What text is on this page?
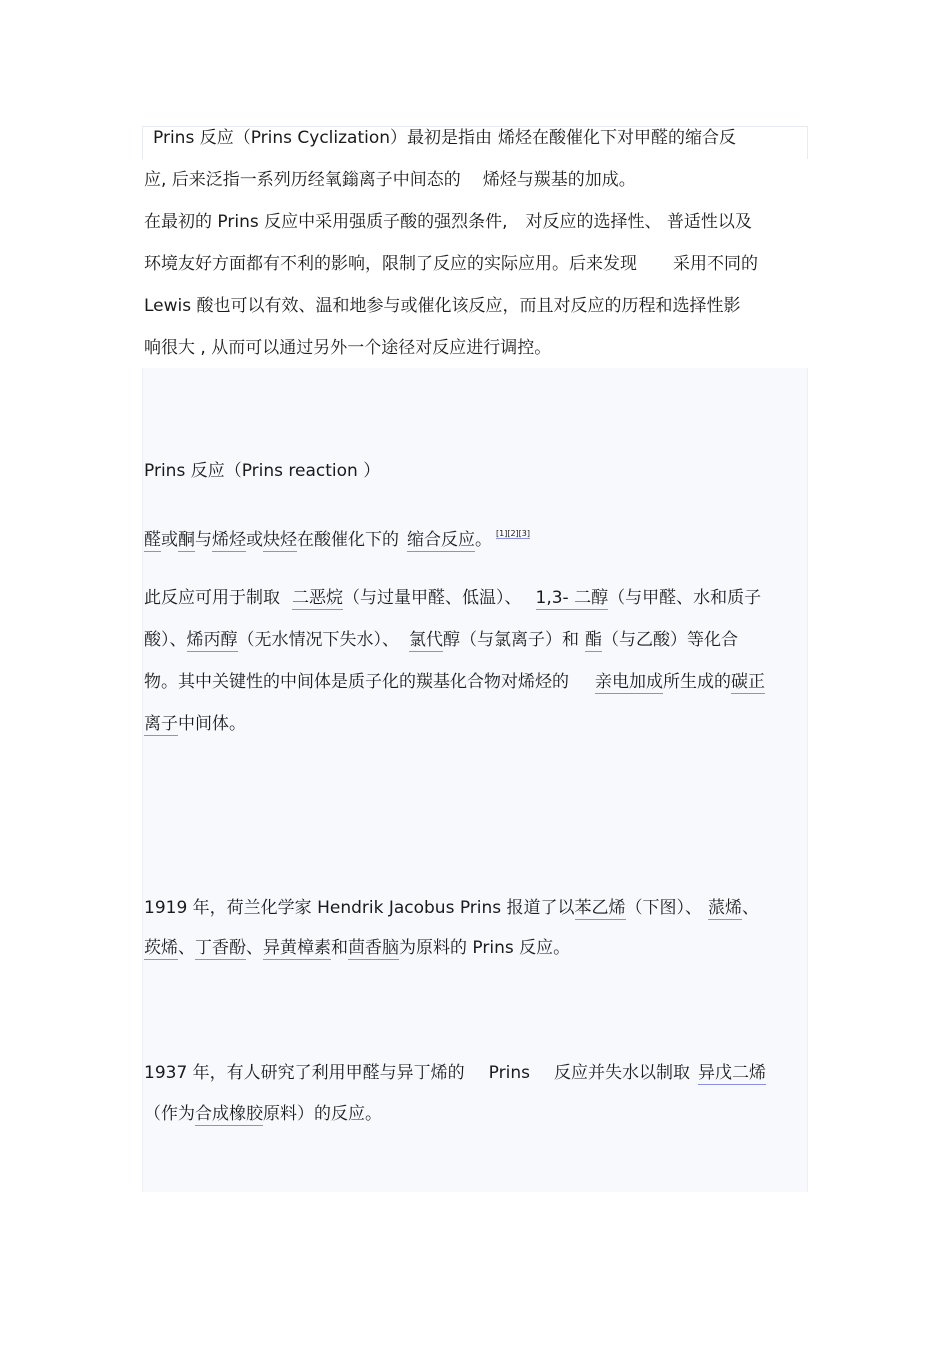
Prins 反应（Prins Cyclization）最初是指由 烯烃在酸催化下对甲醛的缩合反
应, 后来泛指一系列历经氧鎓离子中间态的 烯烃与羰基的加成。
在最初的 Prins 反应中采用强质子酸的强烈条件, 对反应的选择性、 普适性以及
环境友好方面都有不利的影响，限制了反应的实际应用。后来发现 采用不同的
Lewis 酸也可以有效、温和地参与或催化该反应，而且对反应的历程和选择性影
响很大 , 从而可以通过另外一个途径对反应进行调控。
Prins 反应（Prins reaction ）
醛或酮与烯烃或炔烃在酸催化下的 缩合反应。 [1][2][3]
此反应可用于制取 二恶烷（与过量甲醛、低温）、 1,3- 二醇（与甲醛、水和质子
酸）、烯丙醇（无水情况下失水）、 氯代醇（与氯离子）和 酯（与乙酸）等化合
物。其中关键性的中间体是质子化的羰基化合物对烯烃的 亲电加成所生成的碳正
离子中间体。
1919 年，荷兰化学家 Hendrik Jacobus Prins 报道了以苯乙烯（下图）、 蒎烯、
莰烯、丁香酚、异黄樟素和茴香脑为原料的 Prins 反应。
1937 年，有人研究了利用甲醛与异丁烯的 Prins 反应并失水以制取 异戊二烯
（作为合成橡胶原料）的反应。
